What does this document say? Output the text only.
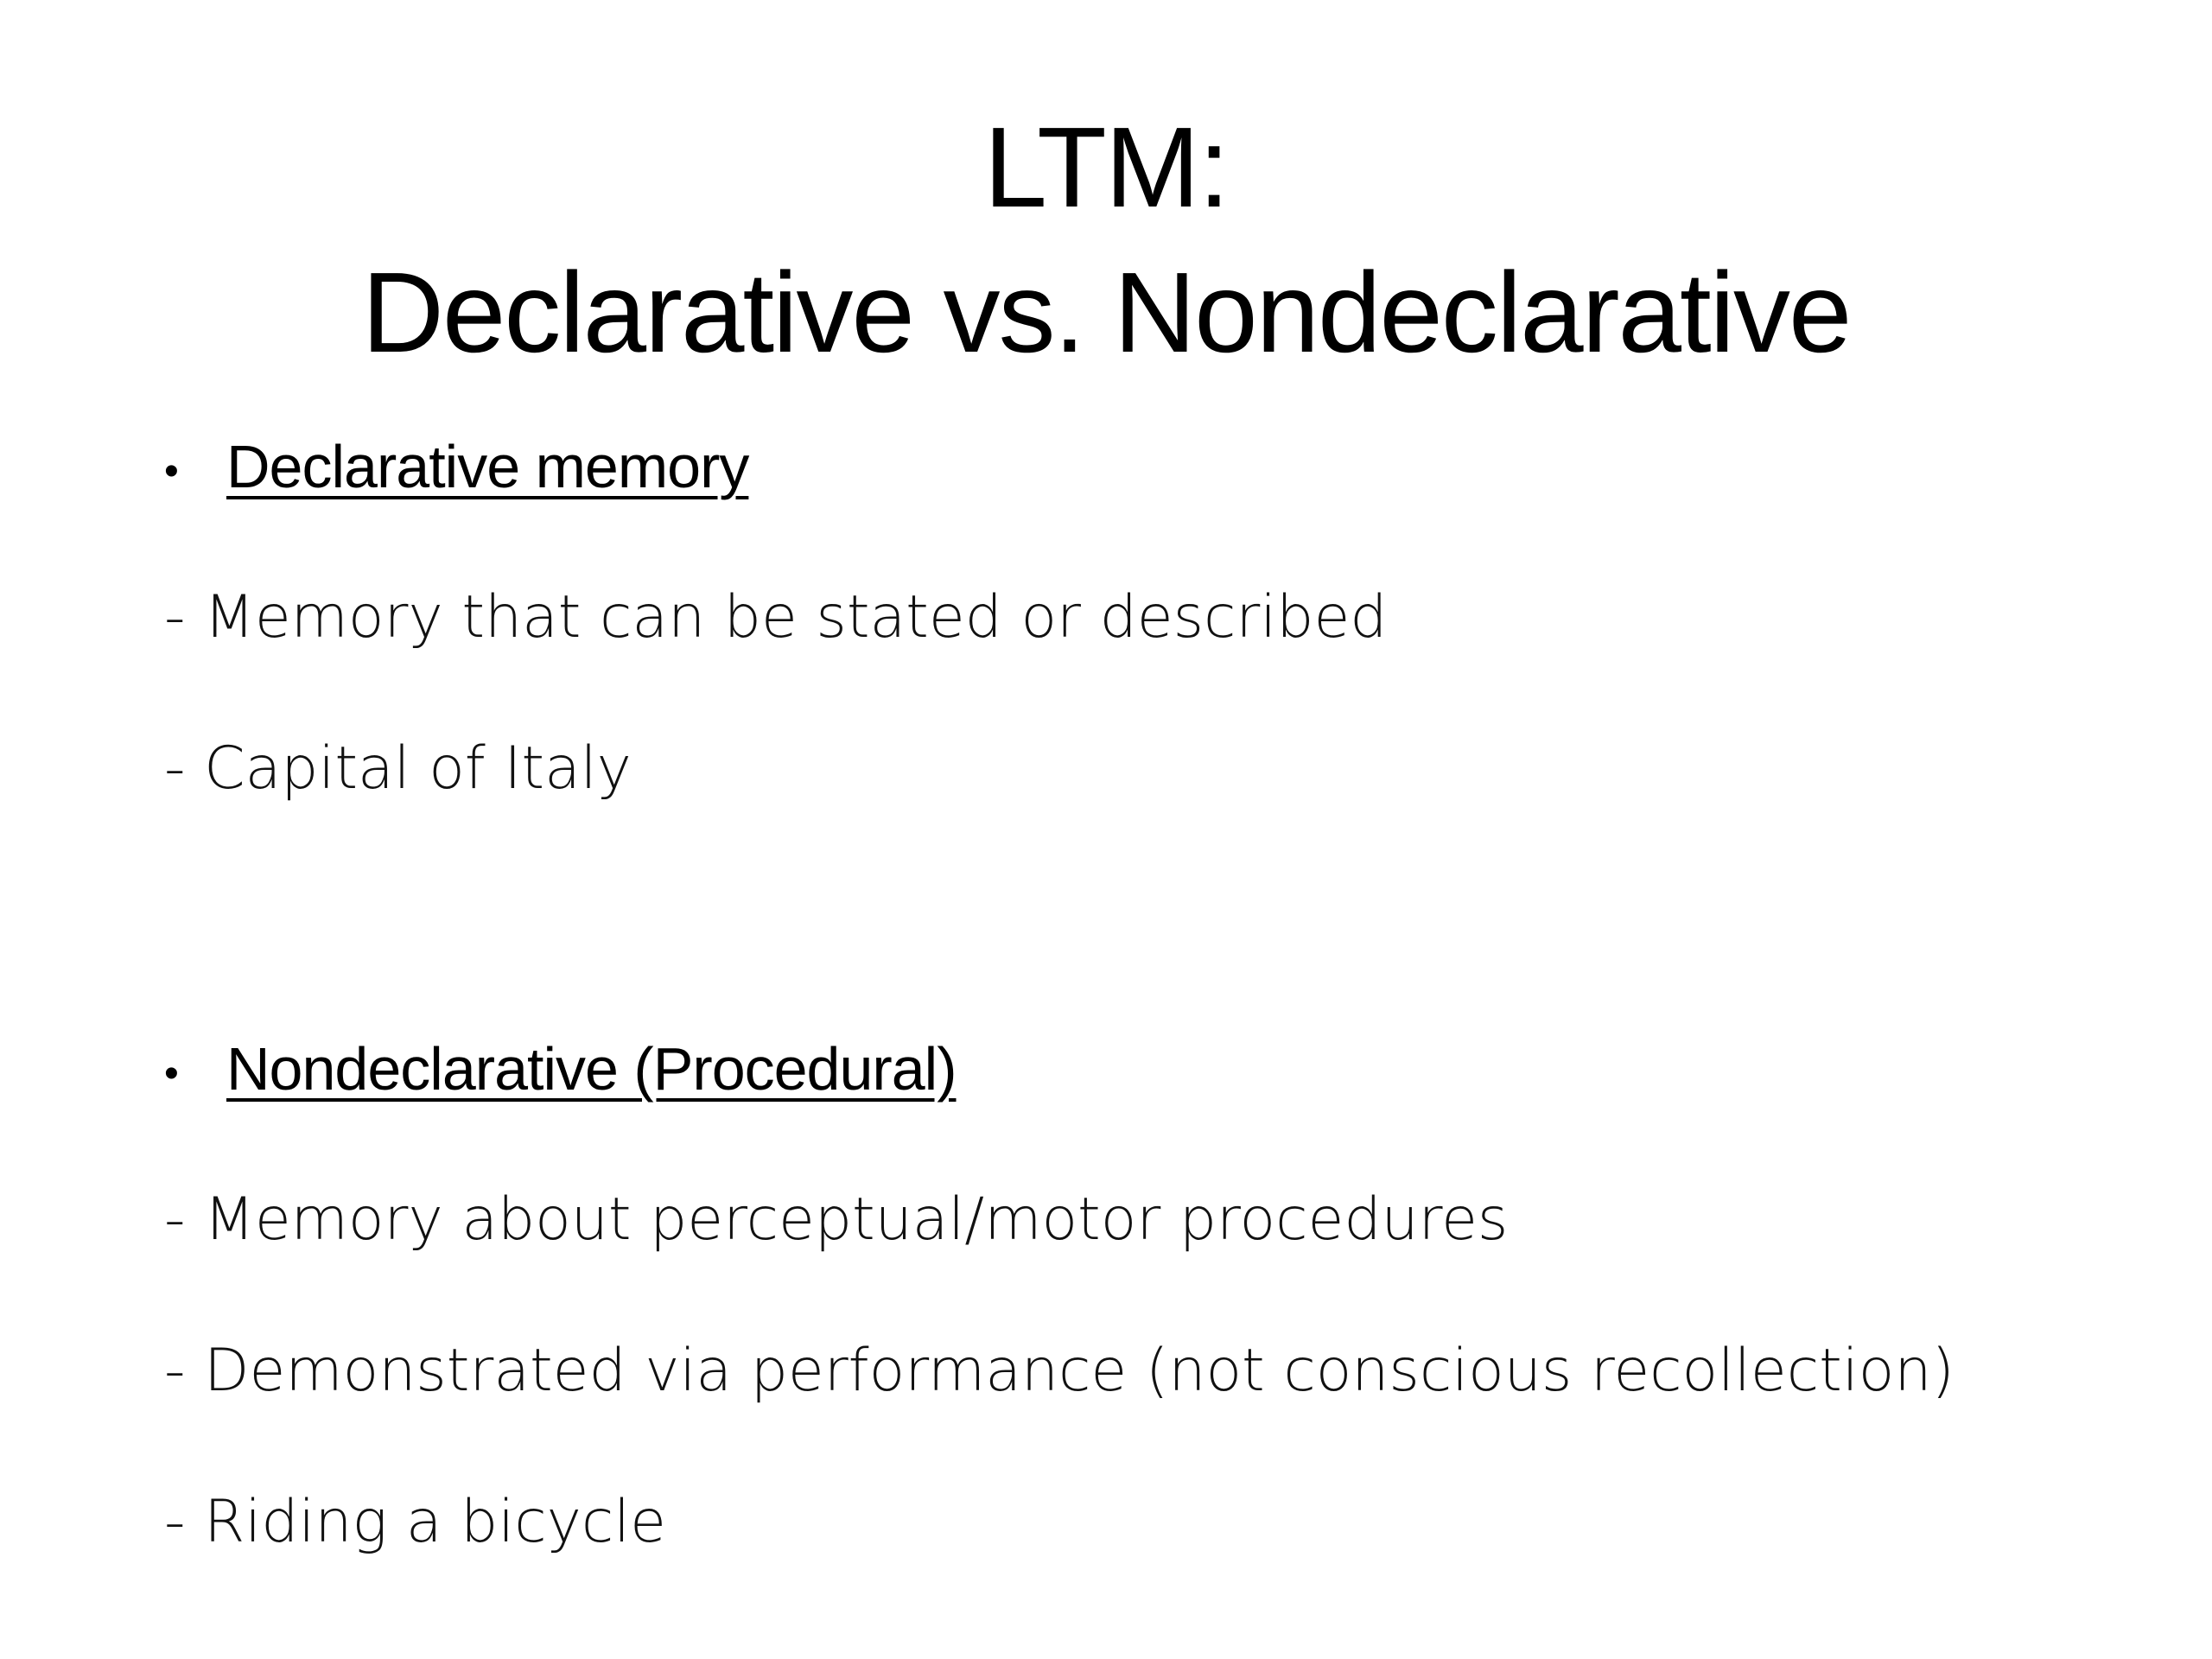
LTM:
Declarative vs. Nondeclarative
• Declarative memory
- Memory that can be stated or described
- Capital of Italy
• Nondeclarative (Procedural)
- Memory about perceptual/motor procedures
- Demonstrated via performance (not conscious recollection)
- Riding a bicycle
